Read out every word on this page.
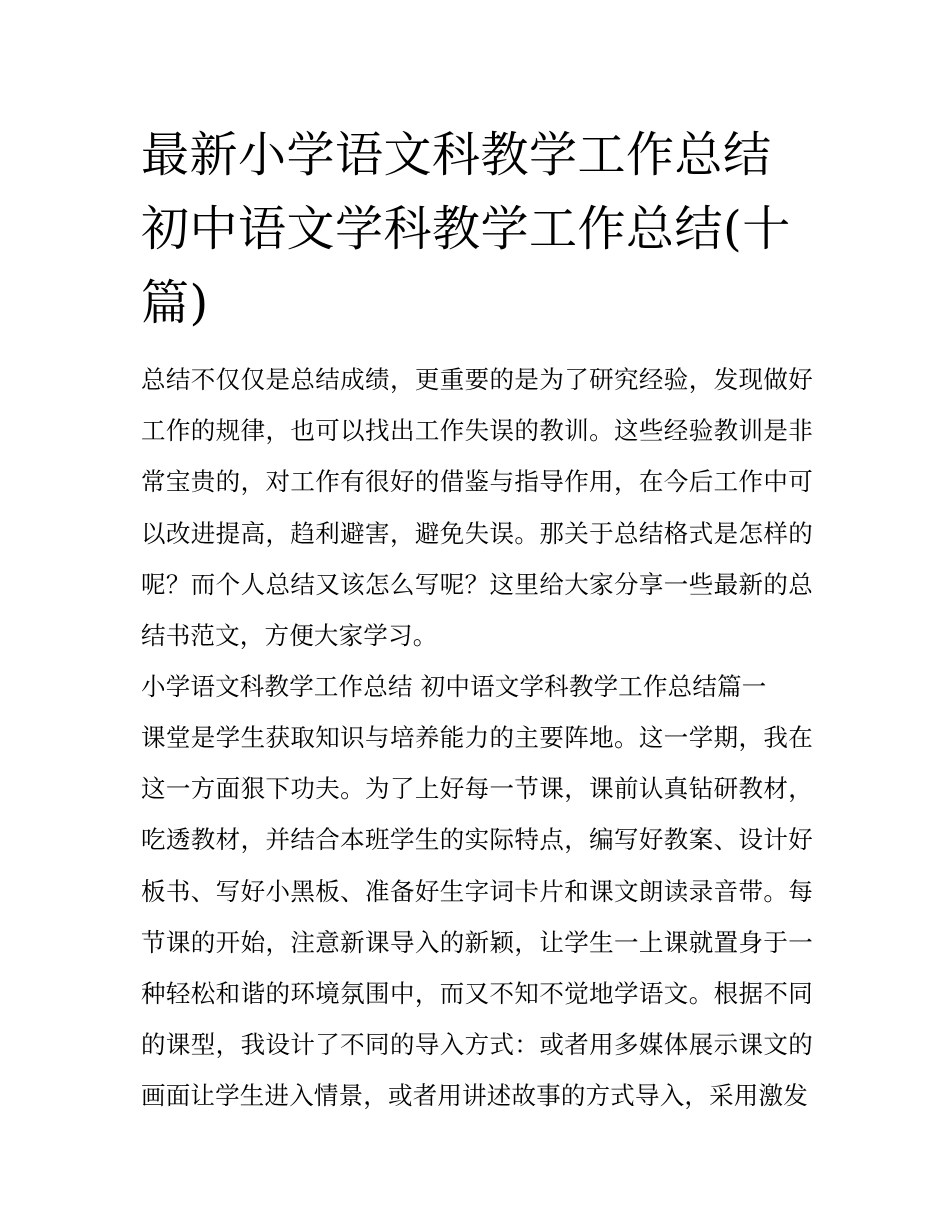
最新小学语文科教学工作总结
初中语文学科教学工作总结(十
篇)

总结不仅仅是总结成绩，更重要的是为了研究经验，发现做好工作的规律，也可以找出工作失误的教训。这些经验教训是非常宝贵的，对工作有很好的借鉴与指导作用，在今后工作中可以改进提高，趋利避害，避免失误。那关于总结格式是怎样的呢？而个人总结又该怎么写呢？这里给大家分享一些最新的总结书范文，方便大家学习。

小学语文科教学工作总结 初中语文学科教学工作总结篇一

课堂是学生获取知识与培养能力的主要阵地。这一学期，我在这一方面狠下功夫。为了上好每一节课，课前认真钻研教材，吃透教材，并结合本班学生的实际特点，编写好教案、设计好板书、写好小黑板、准备好生字词卡片和课文朗读录音带。每节课的开始，注意新课导入的新颖，让学生一上课就置身于一种轻松和谐的环境氛围中，而又不知不觉地学语文。根据不同的课型，我设计了不同的导入方式：或者用多媒体展示课文的画面让学生进入情景，或者用讲述故事的方式导入，采用激发
